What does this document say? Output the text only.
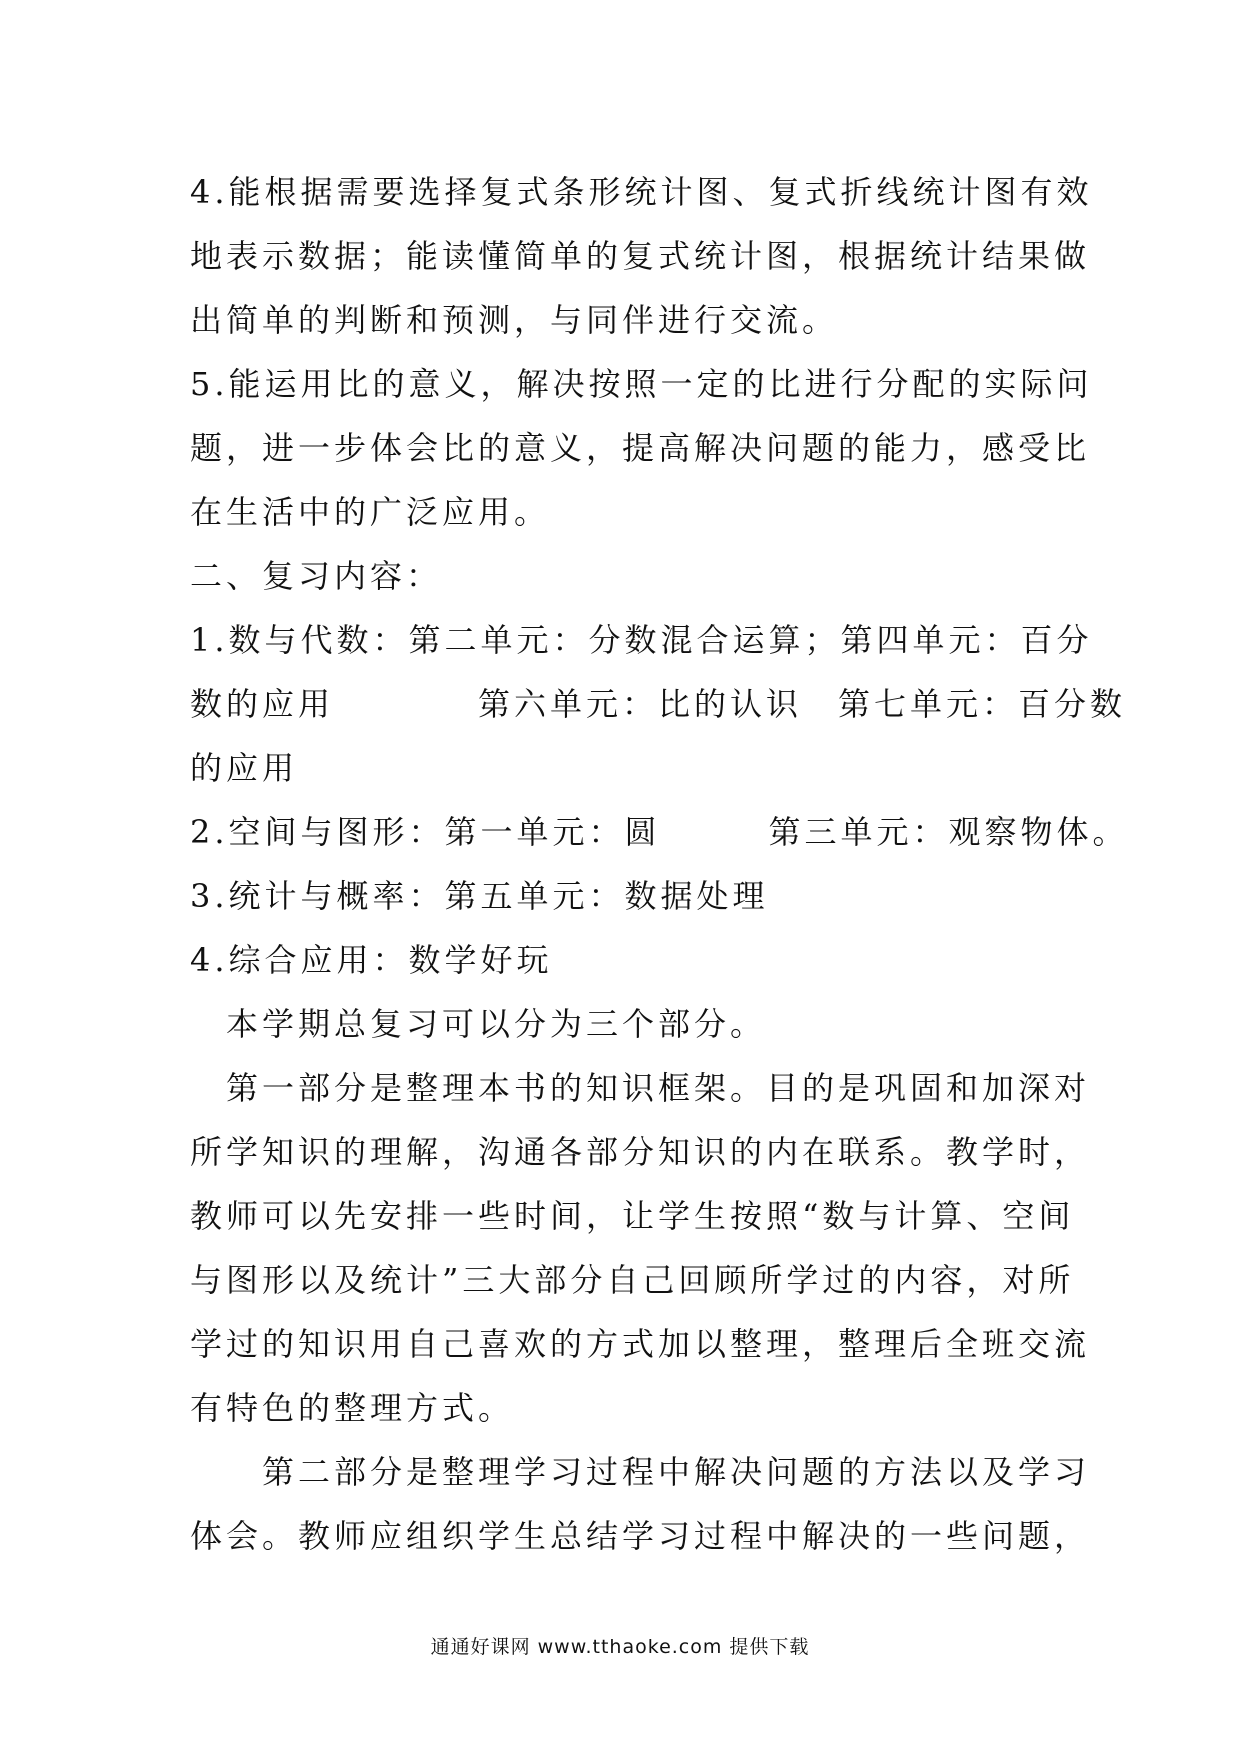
4.能根据需要选择复式条形统计图、复式折线统计图有效
地表示数据；能读懂简单的复式统计图，根据统计结果做
出简单的判断和预测，与同伴进行交流。
5.能运用比的意义，解决按照一定的比进行分配的实际问
题，进一步体会比的意义，提高解决问题的能力，感受比
在生活中的广泛应用。
二、复习内容：
1.数与代数：第二单元：分数混合运算；第四单元：百分
数的应用　　　　第六单元：比的认识　第七单元：百分数
的应用
2.空间与图形：第一单元：圆　　　第三单元：观察物体。
3.统计与概率：第五单元：数据处理
4.综合应用：数学好玩
　本学期总复习可以分为三个部分。
　第一部分是整理本书的知识框架。目的是巩固和加深对
所学知识的理解，沟通各部分知识的内在联系。教学时，
教师可以先安排一些时间，让学生按照“数与计算、空间
与图形以及统计”三大部分自己回顾所学过的内容，对所
学过的知识用自己喜欢的方式加以整理，整理后全班交流
有特色的整理方式。
　　第二部分是整理学习过程中解决问题的方法以及学习
体会。教师应组织学生总结学习过程中解决的一些问题，
通通好课网 www.tthaoke.com 提供下载
